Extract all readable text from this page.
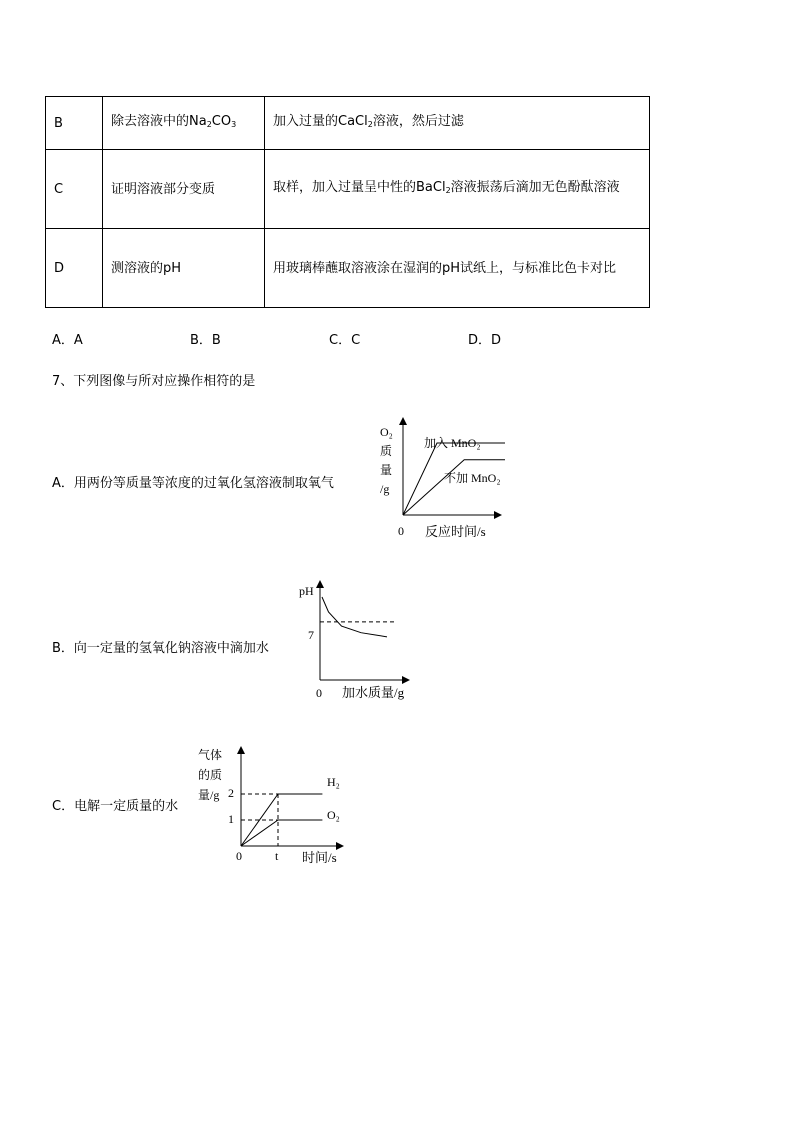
B	除去溶液中的$Na_2CO_3$	加入过量的CaCl$_2$溶液，然后过滤
C	证明溶液部分变质	取样，加入过量呈中性的BaCl$_2$溶液振荡后滴加无色酚酞溶液
D	测溶液的pH	用玻璃棒蘸取溶液涂在湿润的pH试纸上，与标准比色卡对比
A．A	B．B	C．C	D．D
7、下列图像与所对应操作相符的是
A．用两份等质量等浓度的过氧化氢溶液制取氧气
O₂
质
量
/g
0 反应时间/s
加入 MnO₂
不加 MnO₂
B．向一定量的氢氧化钠溶液中滴加水
pH
7
0 加水质量/g
C．电解一定质量的水
气体
的质
量/g 2
1
0	t 时间/s
H₂
O₂
